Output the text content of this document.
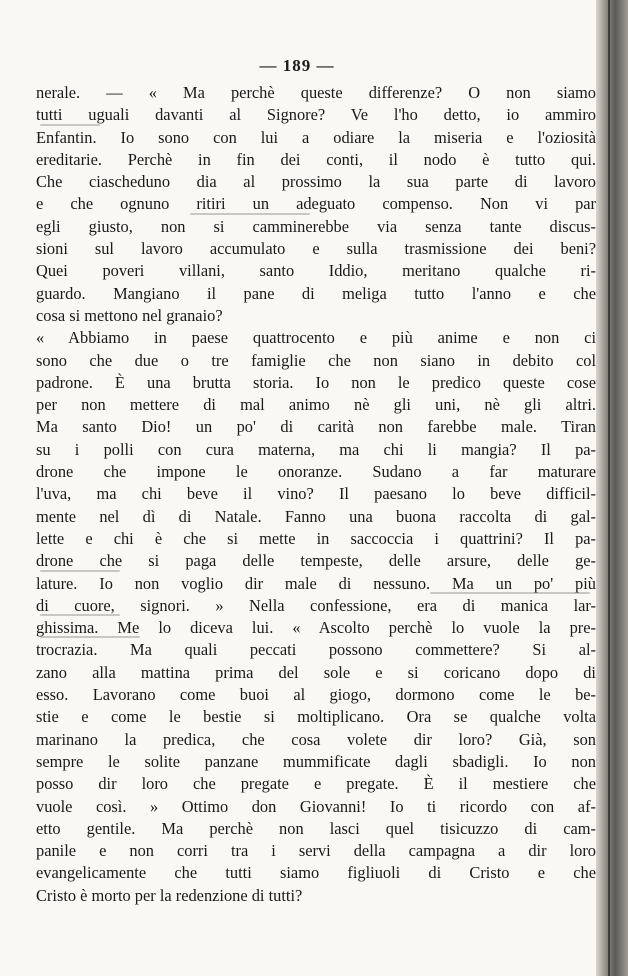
— 189 —
nerale. — « Ma perchè queste differenze? O non siamo
tutti uguali davanti al Signore? Ve l'ho detto, io ammiro
Enfantin. Io sono con lui a odiare la miseria e l'oziosità
ereditarie. Perchè in fin dei conti, il nodo è tutto qui.
Che ciascheduno dia al prossimo la sua parte di lavoro
e che ognuno ritiri un adeguato compenso. Non vi par
egli giusto, non si camminerebbe via senza tante discus-
sioni sul lavoro accumulato e sulla trasmissione dei beni?
Quei poveri villani, santo Iddio, meritano qualche ri-
guardo. Mangiano il pane di meliga tutto l'anno e che
cosa si mettono nel granaio?
« Abbiamo in paese quattrocento e più anime e non ci
sono che due o tre famiglie che non siano in debito col
padrone. È una brutta storia. Io non le predico queste cose
per non mettere di mal animo nè gli uni, nè gli altri.
Ma santo Dio! un po' di carità non farebbe male. Tiran
su i polli con cura materna, ma chi li mangia? Il pa-
drone che impone le onoranze. Sudano a far maturare
l'uva, ma chi beve il vino? Il paesano lo beve difficil-
mente nel dì di Natale. Fanno una buona raccolta di gal-
lette e chi è che si mette in saccoccia i quattrini? Il pa-
drone che si paga delle tempeste, delle arsure, delle ge-
lature. Io non voglio dir male di nessuno. Ma un po' più
di cuore, signori. » Nella confessione, era di manica lar-
ghissima. Me lo diceva lui. « Ascolto perchè lo vuole la pre-
trocrazia. Ma quali peccati possono commettere? Si al-
zano alla mattina prima del sole e si coricano dopo di
esso. Lavorano come buoi al giogo, dormono come le be-
stie e come le bestie si moltiplicano. Ora se qualche volta
marinano la predica, che cosa volete dir loro? Già, son
sempre le solite panzane mummificate dagli sbadigli. Io non
posso dir loro che pregate e pregate. È il mestiere che
vuole così. » Ottimo don Giovanni! Io ti ricordo con af-
etto gentile. Ma perchè non lasci quel tisicuzzo di cam-
panile e non corri tra i servi della campagna a dir loro
evangelicamente che tutti siamo figliuoli di Cristo e che
Cristo è morto per la redenzione di tutti?
